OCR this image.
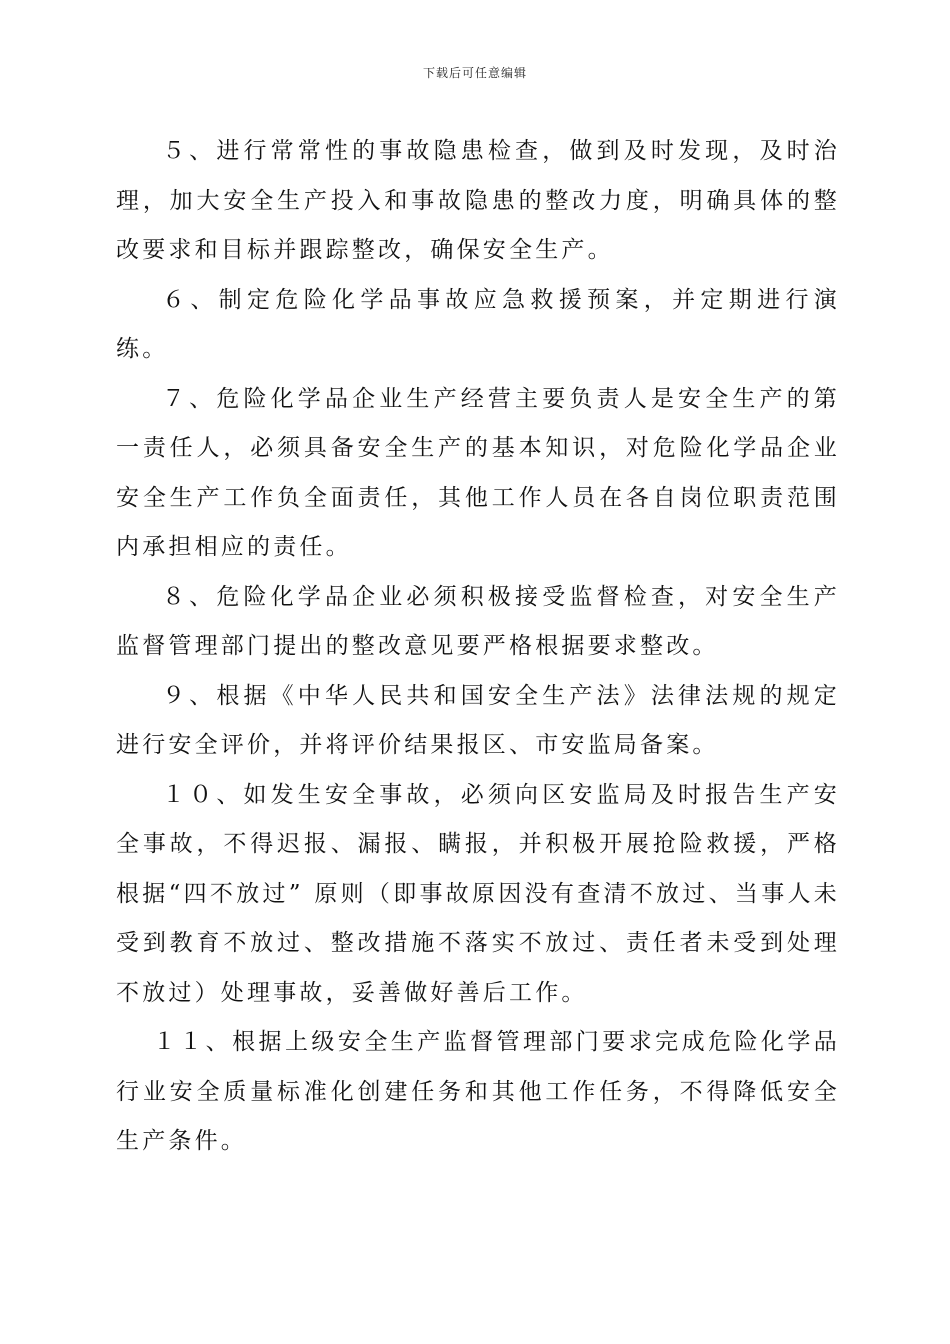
下载后可任意编辑

５、进行常常性的事故隐患检查，做到及时发现，及时治理，加大安全生产投入和事故隐患的整改力度，明确具体的整改要求和目标并跟踪整改，确保安全生产。

６、制定危险化学品事故应急救援预案，并定期进行演练。

７、危险化学品企业生产经营主要负责人是安全生产的第一责任人，必须具备安全生产的基本知识，对危险化学品企业安全生产工作负全面责任，其他工作人员在各自岗位职责范围内承担相应的责任。

８、危险化学品企业必须积极接受监督检查，对安全生产监督管理部门提出的整改意见要严格根据要求整改。

９、根据《中华人民共和国安全生产法》法律法规的规定进行安全评价，并将评价结果报区、市安监局备案。

１０、如发生安全事故，必须向区安监局及时报告生产安全事故，不得迟报、漏报、瞒报，并积极开展抢险救援，严格根据“四不放过” 原则（即事故原因没有查清不放过、当事人未受到教育不放过、整改措施不落实不放过、责任者未受到处理不放过）处理事故，妥善做好善后工作。

１１、根据上级安全生产监督管理部门要求完成危险化学品行业安全质量标准化创建任务和其他工作任务，不得降低安全生产条件。
